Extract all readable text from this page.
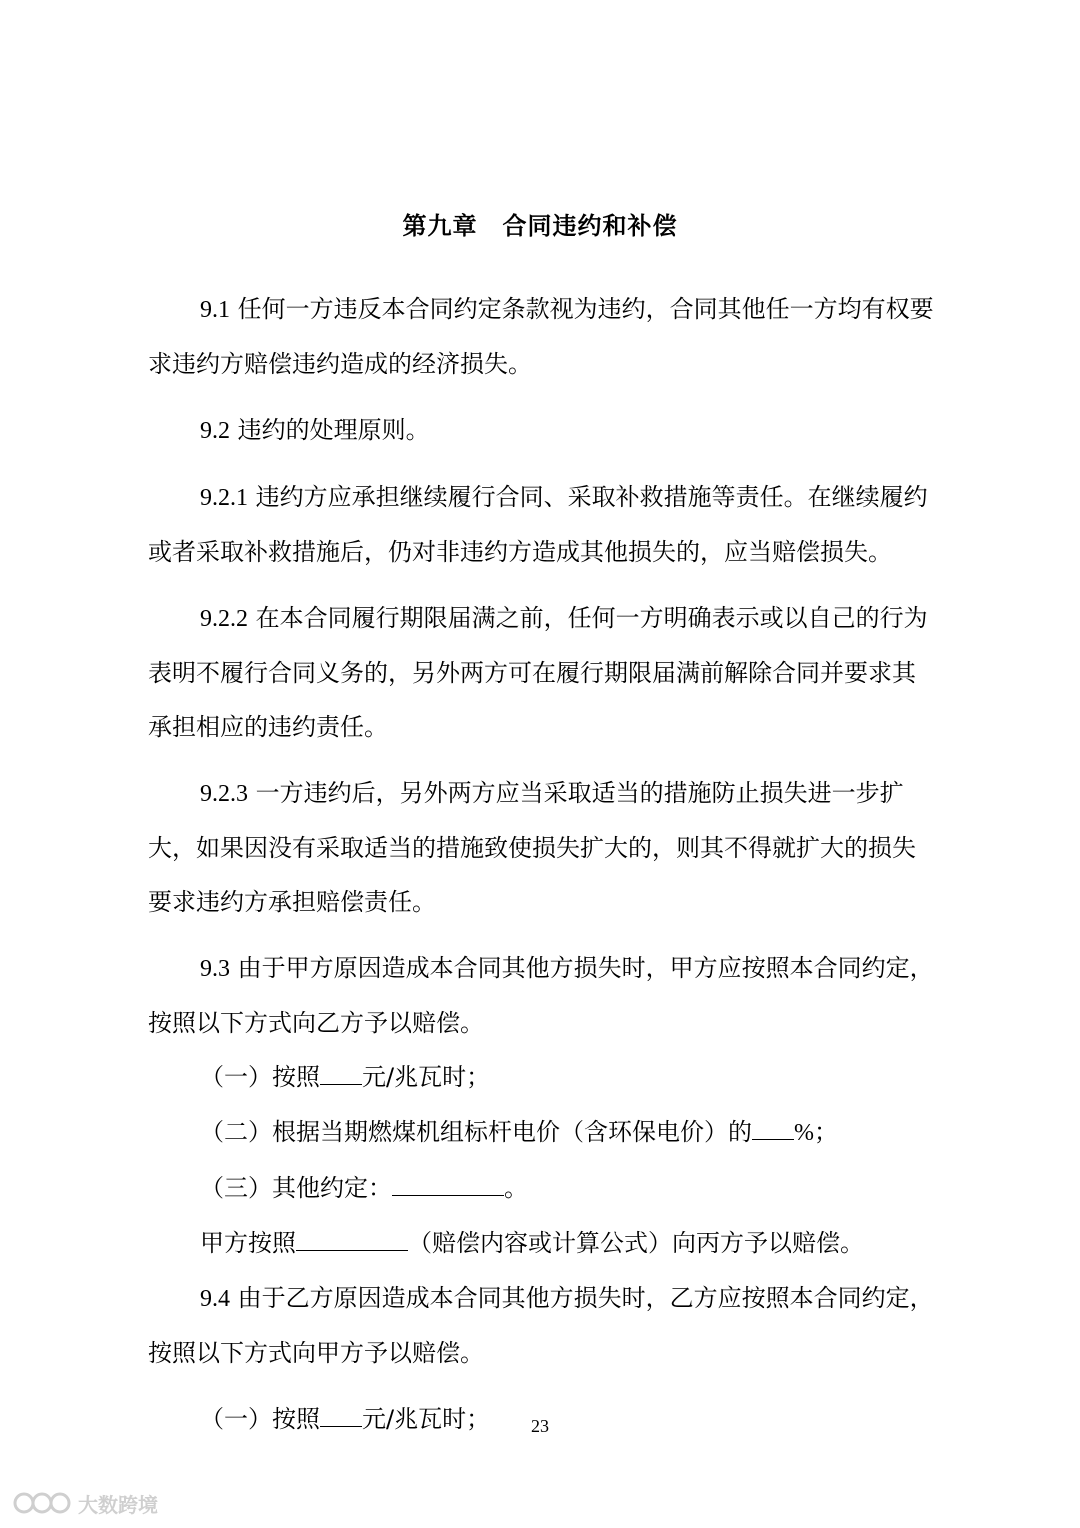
第九章　合同违约和补偿

9.1 任何一方违反本合同约定条款视为违约，合同其他任一方均有权要求违约方赔偿违约造成的经济损失。

9.2 违约的处理原则。

9.2.1 违约方应承担继续履行合同、采取补救措施等责任。在继续履约或者采取补救措施后，仍对非违约方造成其他损失的，应当赔偿损失。

9.2.2 在本合同履行期限届满之前，任何一方明确表示或以自己的行为表明不履行合同义务的，另外两方可在履行期限届满前解除合同并要求其承担相应的违约责任。

9.2.3 一方违约后，另外两方应当采取适当的措施防止损失进一步扩大，如果因没有采取适当的措施致使损失扩大的，则其不得就扩大的损失要求违约方承担赔偿责任。

9.3 由于甲方原因造成本合同其他方损失时，甲方应按照本合同约定，按照以下方式向乙方予以赔偿。

（一）按照 元/兆瓦时；

（二）根据当期燃煤机组标杆电价（含环保电价）的 %；

（三）其他约定：	。

甲方按照	（赔偿内容或计算公式）向丙方予以赔偿。

9.4 由于乙方原因造成本合同其他方损失时，乙方应按照本合同约定，按照以下方式向甲方予以赔偿。

（一）按照 元/兆瓦时；	23
大数跨境
